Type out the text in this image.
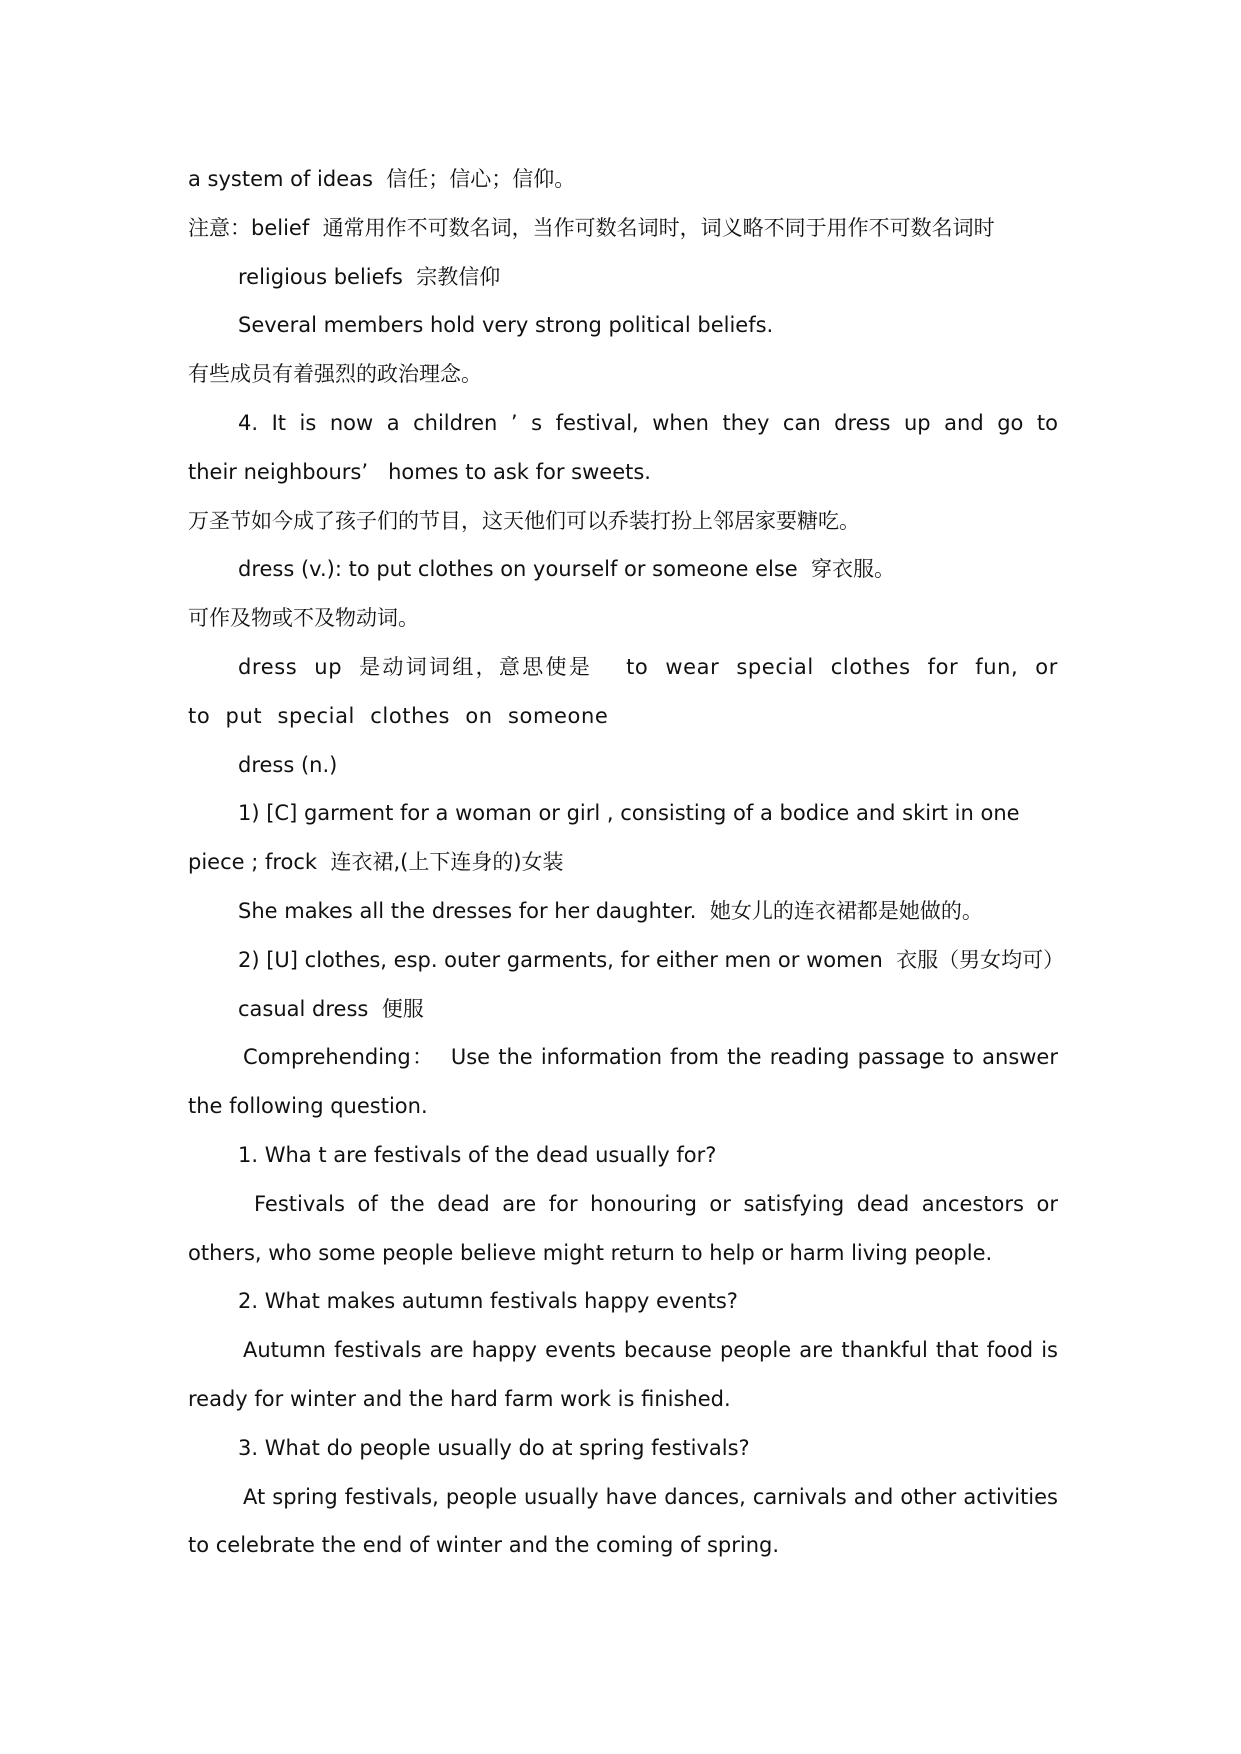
a system of ideas  信任；信心；信仰。

注意：belief  通常用作不可数名词，当作可数名词时，词义略不同于用作不可数名词时

religious beliefs  宗教信仰

Several members hold very strong political beliefs.

有些成员有着强烈的政治理念。

4.  It  is  now  a  children  ’  s  festival,  when  they  can  dress  up  and  go  to their neighbours’   homes to ask for sweets.

万圣节如今成了孩子们的节目，这天他们可以乔装打扮上邻居家要糖吃。

dress (v.): to put clothes on yourself or someone else  穿衣服。

可作及物或不及物动词。

dress up 是动词词组，意思使是  to wear special clothes for fun, or to put special clothes on someone

dress (n.)

1) [C] garment for a woman or girl , consisting of a bodice and skirt in one piece ; frock  连衣裙,(上下连身的)女装

She makes all the dresses for her daughter.  她女儿的连衣裙都是她做的。

2) [U] clothes, esp. outer garments, for either men or women  衣服（男女均可）

casual dress  便服

Comprehending：  Use the information from the reading passage to answer the following question.

1. Wha t are festivals of the dead usually for?

Festivals of the dead are for honouring or satisfying dead ancestors or others, who some people believe might return to help or harm living people.

2. What makes autumn festivals happy events?

Autumn festivals are happy events because people are thankful that food is ready for winter and the hard farm work is finished.

3. What do people usually do at spring festivals?

At spring festivals, people usually have dances, carnivals and other activities to celebrate the end of winter and the coming of spring.
